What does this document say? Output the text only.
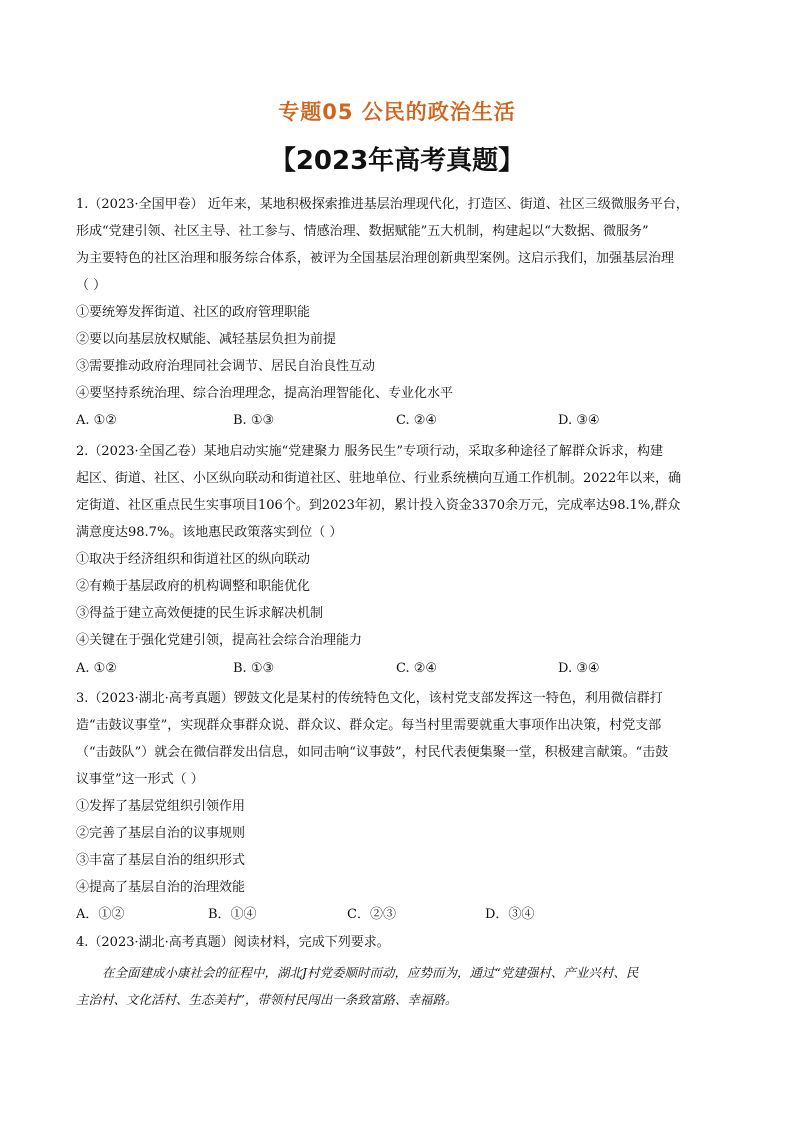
专题05 公民的政治生活
【2023年高考真题】
1.（2023·全国甲卷） 近年来，某地积极探索推进基层治理现代化，打造区、街道、社区三级微服务平台，
形成“党建引领、社区主导、社工参与、情感治理、数据赋能”五大机制，构建起以“大数据、微服务”
为主要特色的社区治理和服务综合体系，被评为全国基层治理创新典型案例。这启示我们，加强基层治理
（ ）
①要统筹发挥街道、社区的政府管理职能
②要以向基层放权赋能、减轻基层负担为前提
③需要推动政府治理同社会调节、居民自治良性互动
④要坚持系统治理、综合治理理念，提高治理智能化、专业化水平
A. ①②	B. ①③	C. ②④	D. ③④
2.（2023·全国乙卷）某地启动实施“党建聚力 服务民生”专项行动，采取多种途径了解群众诉求，构建
起区、街道、社区、小区纵向联动和街道社区、驻地单位、行业系统横向互通工作机制。2022年以来，确
定街道、社区重点民生实事项目106个。到2023年初，累计投入资金3370余万元，完成率达98.1%,群众
满意度达98.7%。该地惠民政策落实到位（ ）
①取决于经济组织和街道社区的纵向联动
②有赖于基层政府的机构调整和职能优化
③得益于建立高效便捷的民生诉求解决机制
④关键在于强化党建引领，提高社会综合治理能力
A. ①②	B. ①③	C. ②④	D. ③④
3.（2023·湖北·高考真题）锣鼓文化是某村的传统特色文化，该村党支部发挥这一特色，利用微信群打
造“击鼓议事堂”，实现群众事群众说、群众议、群众定。每当村里需要就重大事项作出决策，村党支部
（“击鼓队”）就会在微信群发出信息，如同击响“议事鼓”，村民代表便集聚一堂，积极建言献策。“击鼓
议事堂”这一形式（ ）
①发挥了基层党组织引领作用
②完善了基层自治的议事规则
③丰富了基层自治的组织形式
④提高了基层自治的治理效能
A．①②	B．①④	C．②③	D．③④
4.（2023·湖北·高考真题）阅读材料，完成下列要求。
在全面建成小康社会的征程中，湖北J村党委顺时而动，应势而为，通过“党建强村、产业兴村、民
主治村、文化活村、生态美村”，带领村民闯出一条致富路、幸福路。
